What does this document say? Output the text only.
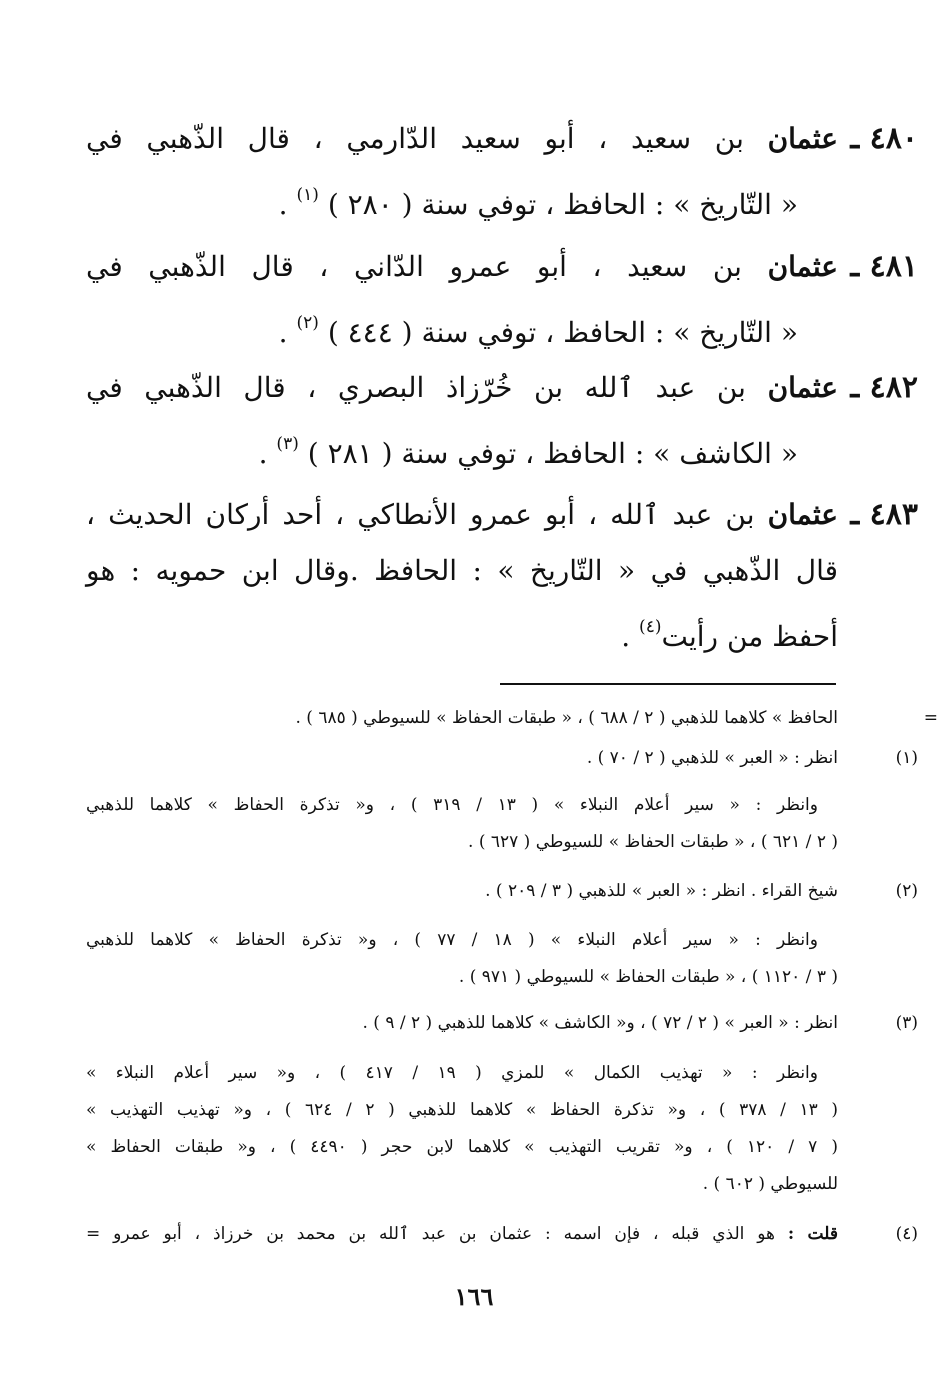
٤٨٠ ـ
عثمان بن سعيد ، أبو سعيد الدّارمي ، قال الذّهبي في
« التّاريخ » : الحافظ ، توفي سنة ( ٢٨٠ ) $^{(١)}$ .
٤٨١ ـ
عثمان بن سعيد ، أبو عمرو الدّاني ، قال الذّهبي في
« التّاريخ » : الحافظ ، توفي سنة ( ٤٤٤ ) $^{(٢)}$ .
٤٨٢ ـ
عثمان بن عبد ٱلله بن خُرّزاذ البصري ، قال الذّهبي في
« الكاشف » : الحافظ ، توفي سنة ( ٢٨١ ) $^{(٣)}$ .
٤٨٣ ـ
عثمان بن عبد ٱلله ، أبو عمرو الأنطاكي ، أحد أركان الحديث ،
قال الذّهبي في « التّاريخ » : الحافظ .وقال ابن حمويه : هو
أحفظ من رأيت$^{(٤)}$ .
=
الحافظ » كلاهما للذهبي ( ٢ / ٦٨٨ ) ، « طبقات الحفاظ » للسيوطي ( ٦٨٥ ) .
(١)
انظر : « العبر » للذهبي ( ٢ / ٧٠ ) .
وانظر : « سير أعلام النبلاء » ( ١٣ / ٣١٩ ) ، و« تذكرة الحفاظ » كلاهما للذهبي
( ٢ / ٦٢١ ) ، « طبقات الحفاظ » للسيوطي ( ٦٢٧ ) .
(٢)
شيخ القراء . انظر : « العبر » للذهبي ( ٣ / ٢٠٩ ) .
وانظر : « سير أعلام النبلاء » ( ١٨ / ٧٧ ) ، و« تذكرة الحفاظ » كلاهما للذهبي
( ٣ / ١١٢٠ ) ، « طبقات الحفاظ » للسيوطي ( ٩٧١ ) .
(٣)
انظر : « العبر » ( ٢ / ٧٢ ) ، و« الكاشف » كلاهما للذهبي ( ٢ / ٩ ) .
وانظر : « تهذيب الكمال » للمزي ( ١٩ / ٤١٧ ) ، و« سير أعلام النبلاء »
( ١٣ / ٣٧٨ ) ، و« تذكرة الحفاظ » كلاهما للذهبي ( ٢ / ٦٢٤ ) ، و« تهذيب التهذيب »
( ٧ / ١٢٠ ) ، و« تقريب التهذيب » كلاهما لابن حجر ( ٤٤٩٠ ) ، و« طبقات الحفاظ »
للسيوطي ( ٦٠٢ ) .
(٤)
قلت : هو الذي قبله ، فإن اسمه : عثمان بن عبد ٱلله بن محمد بن خرزاذ ، أبو عمرو =
١٦٦
